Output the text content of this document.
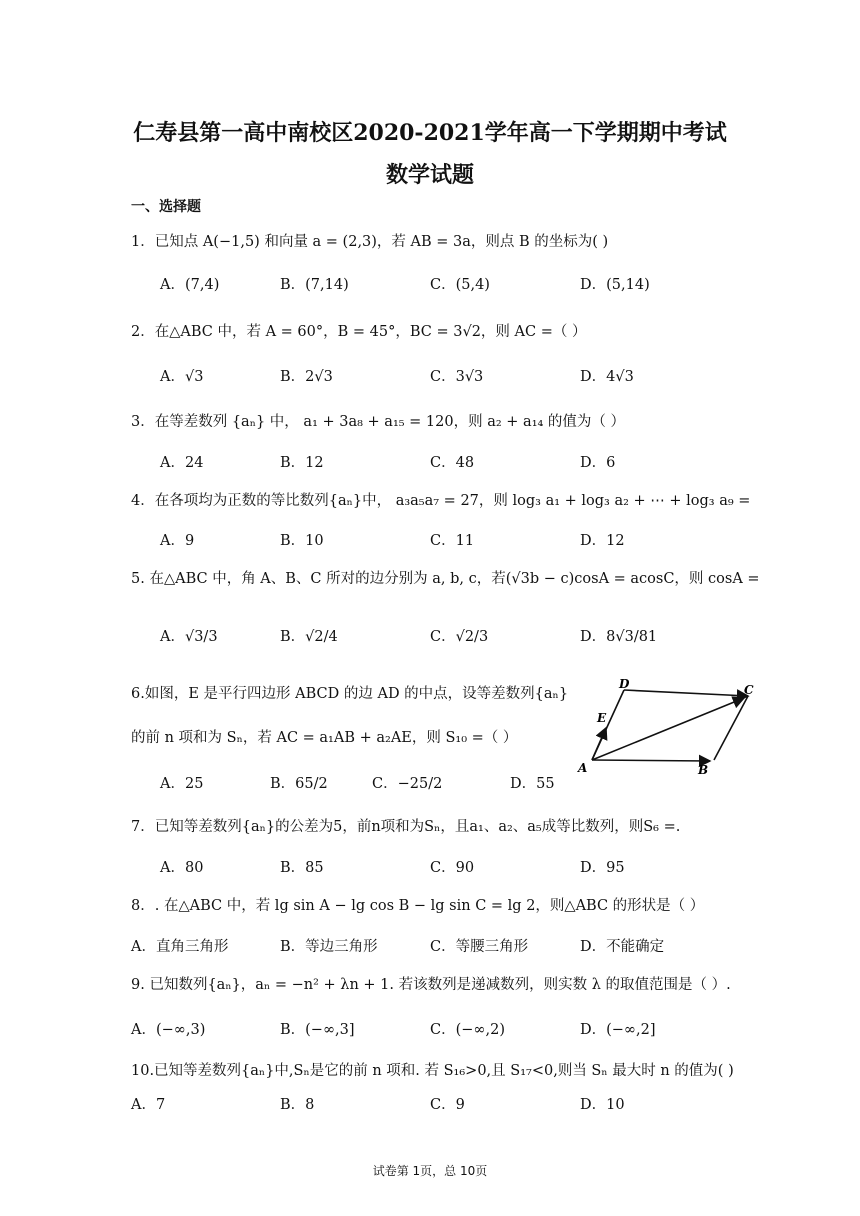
仁寿县第一高中南校区2020-2021学年高一下学期期中考试
数学试题
一、选择题
1．已知点 A(−1,5) 和向量 a = (2,3)，若 AB = 3a，则点 B 的坐标为( )
A．(7,4)	B．(7,14)	C．(5,4)	D．(5,14)
2．在△ABC 中，若 A = 60°，B = 45°，BC = 3√2，则 AC =（ ）
A．√3	B．2√3	C．3√3	D．4√3
3．在等差数列 {aₙ} 中， a₁ + 3a₈ + a₁₅ = 120，则 a₂ + a₁₄ 的值为（ ）
A．24	B．12	C．48	D．6
4．在各项均为正数的等比数列{aₙ}中， a₃a₅a₇ = 27，则 log₃ a₁ + log₃ a₂ + ⋯ + log₃ a₉ =
A．9	B．10	C．11	D．12
5. 在△ABC 中，角 A、B、C 所对的边分别为 a, b, c，若(√3b − c)cosA = acosC，则 cosA =
A．√3/3	B．√2/4	C．√2/3	D．8√3/81
6.如图，E 是平行四边形 ABCD 的边 AD 的中点，设等差数列{aₙ}
的前 n 项和为 Sₙ，若 AC = a₁AB + a₂AE，则 S₁₀ =（ ）
A．25	B．65/2	C．−25/2	D．55
D	C
E
A	B
7．已知等差数列{aₙ}的公差为5，前n项和为Sₙ，且a₁、a₂、a₅成等比数列，则S₆ =.
A．80	B．85	C．90	D．95
8．. 在△ABC 中，若 lg sin A − lg cos B − lg sin C = lg 2，则△ABC 的形状是（ ）
A．直角三角形	B．等边三角形	C．等腰三角形	D．不能确定
9. 已知数列{aₙ}，aₙ = −n² + λn + 1. 若该数列是递减数列，则实数 λ 的取值范围是（ ）.
A．(−∞,3)	B．(−∞,3]	C．(−∞,2)	D．(−∞,2]
10.已知等差数列{aₙ}中,Sₙ是它的前 n 项和. 若 S₁₆>0,且 S₁₇<0,则当 Sₙ 最大时 n 的值为( )
A．7	B．8	C．9	D．10
试卷第 1页，总 10页
